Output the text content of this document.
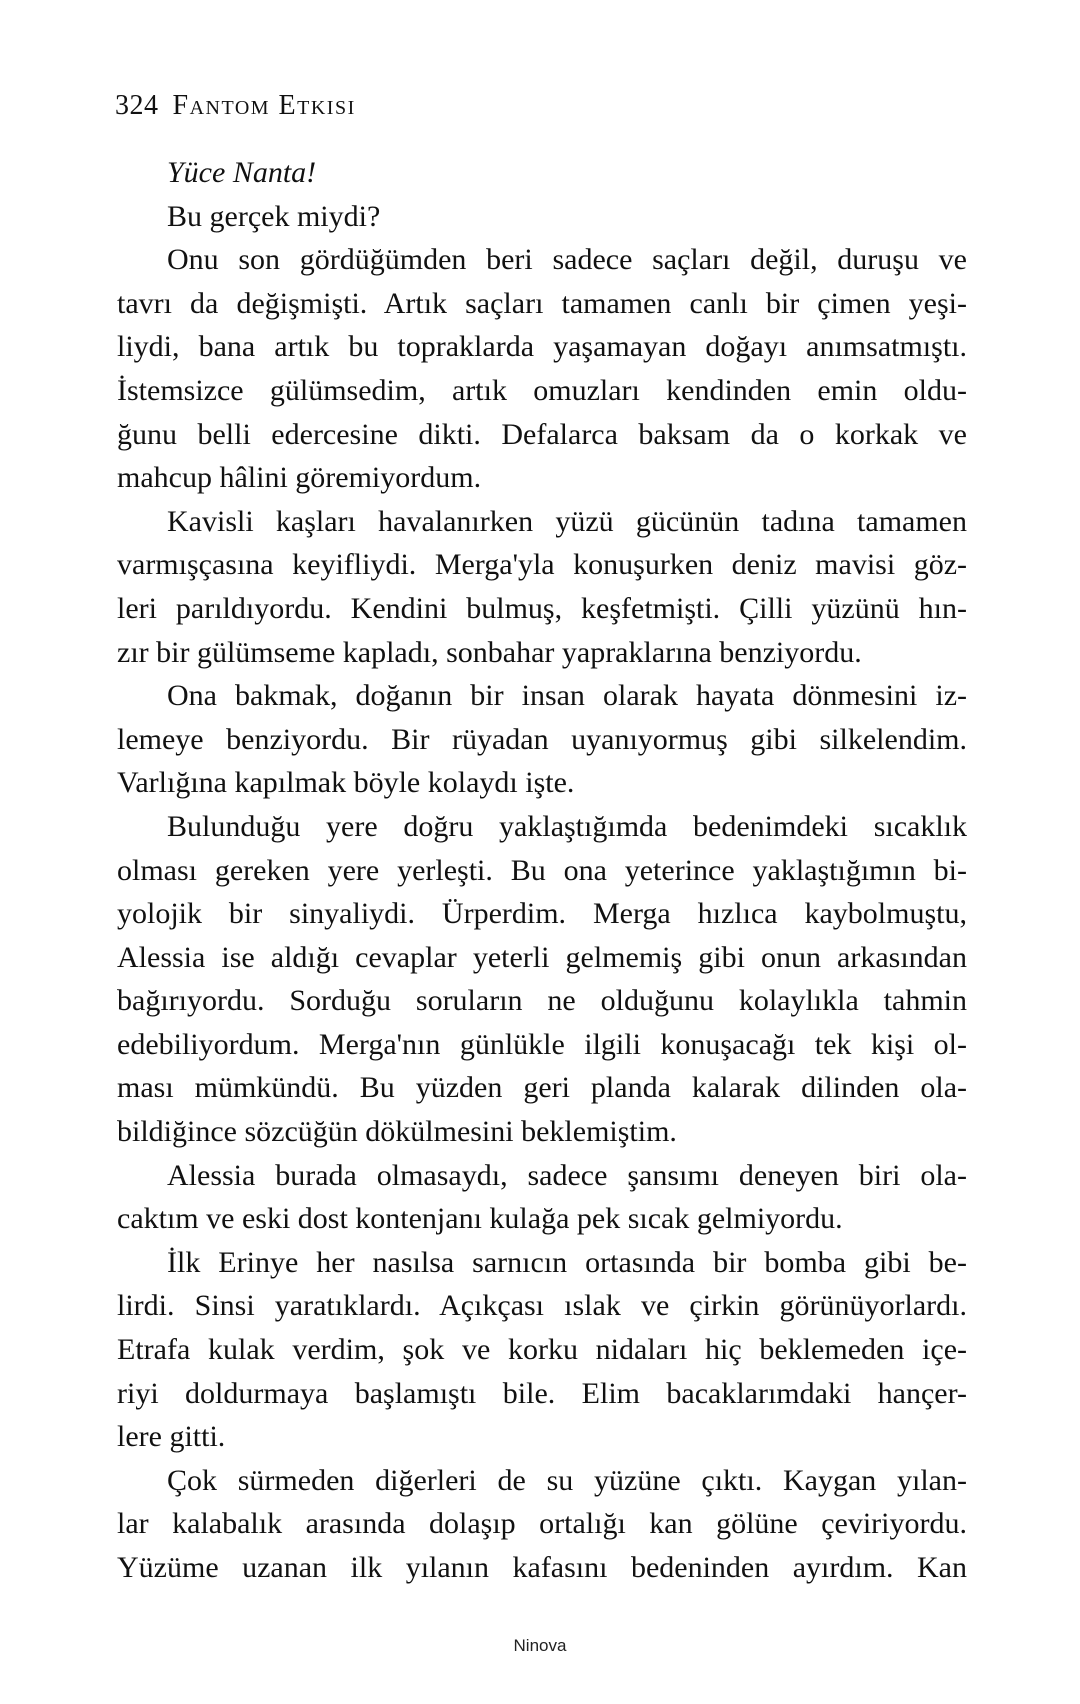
324 Fantom Etkisi
Yüce Nanta!
Bu gerçek miydi?
Onu son gördüğümden beri sadece saçları değil, duruşu ve
tavrı da değişmişti. Artık saçları tamamen canlı bir çimen yeşi-
liydi, bana artık bu topraklarda yaşamayan doğayı anımsatmıştı.
İstemsizce gülümsedim, artık omuzları kendinden emin oldu-
ğunu belli edercesine dikti. Defalarca baksam da o korkak ve
mahcup hâlini göremiyordum.
Kavisli kaşları havalanırken yüzü gücünün tadına tamamen
varmışçasına keyifliydi. Merga'yla konuşurken deniz mavisi göz-
leri parıldıyordu. Kendini bulmuş, keşfetmişti. Çilli yüzünü hın-
zır bir gülümseme kapladı, sonbahar yapraklarına benziyordu.
Ona bakmak, doğanın bir insan olarak hayata dönmesini iz-
lemeye benziyordu. Bir rüyadan uyanıyormuş gibi silkelendim.
Varlığına kapılmak böyle kolaydı işte.
Bulunduğu yere doğru yaklaştığımda bedenimdeki sıcaklık
olması gereken yere yerleşti. Bu ona yeterince yaklaştığımın bi-
yolojik bir sinyaliydi. Ürperdim. Merga hızlıca kaybolmuştu,
Alessia ise aldığı cevaplar yeterli gelmemiş gibi onun arkasından
bağırıyordu. Sorduğu soruların ne olduğunu kolaylıkla tahmin
edebiliyordum. Merga'nın günlükle ilgili konuşacağı tek kişi ol-
ması mümkündü. Bu yüzden geri planda kalarak dilinden ola-
bildiğince sözcüğün dökülmesini beklemiştim.
Alessia burada olmasaydı, sadece şansımı deneyen biri ola-
caktım ve eski dost kontenjanı kulağa pek sıcak gelmiyordu.
İlk Erinye her nasılsa sarnıcın ortasında bir bomba gibi be-
lirdi. Sinsi yaratıklardı. Açıkçası ıslak ve çirkin görünüyorlardı.
Etrafa kulak verdim, şok ve korku nidaları hiç beklemeden içe-
riyi doldurmaya başlamıştı bile. Elim bacaklarımdaki hançer-
lere gitti.
Çok sürmeden diğerleri de su yüzüne çıktı. Kaygan yılan-
lar kalabalık arasında dolaşıp ortalığı kan gölüne çeviriyordu.
Yüzüme uzanan ilk yılanın kafasını bedeninden ayırdım. Kan
Ninova
